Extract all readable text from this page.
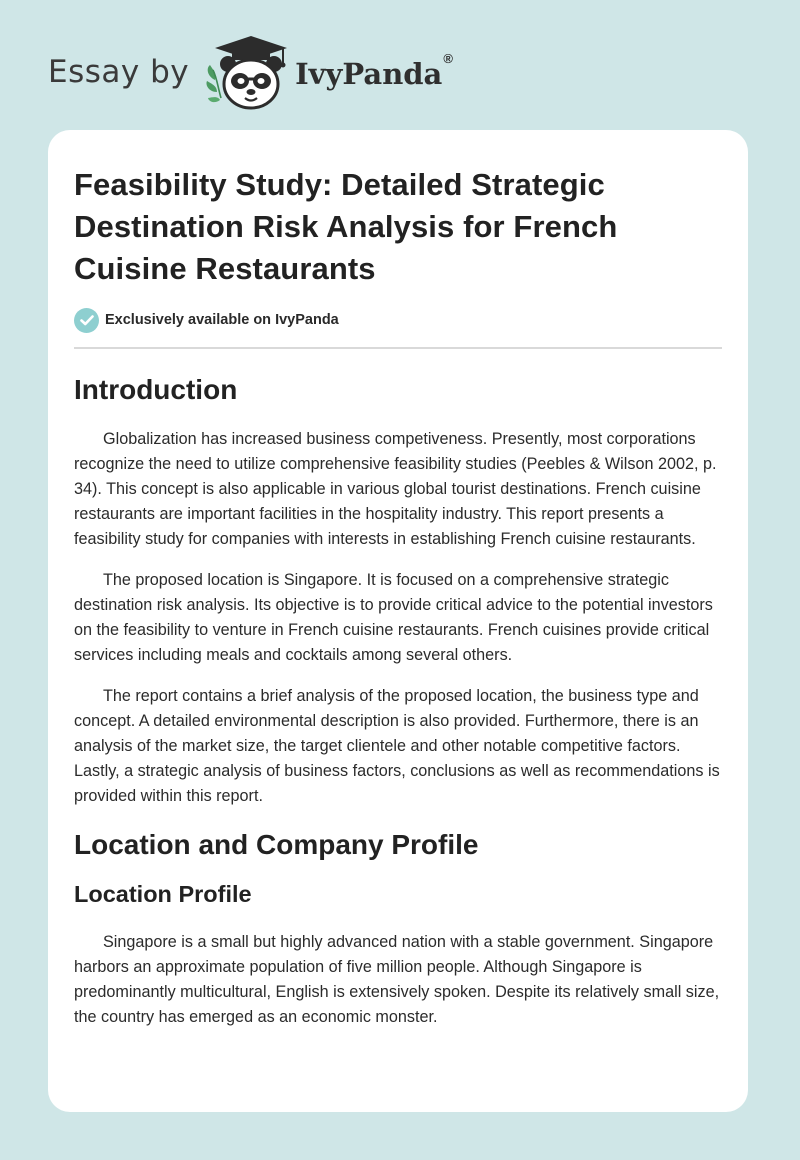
Essay by	IvyPanda ®
Feasibility Study: Detailed Strategic Destination Risk Analysis for French Cuisine Restaurants
Exclusively available on IvyPanda
Introduction

Globalization has increased business competiveness. Presently, most corporations recognize the need to utilize comprehensive feasibility studies (Peebles & Wilson 2002, p. 34). This concept is also applicable in various global tourist destinations. French cuisine restaurants are important facilities in the hospitality industry. This report presents a feasibility study for companies with interests in establishing French cuisine restaurants.

The proposed location is Singapore. It is focused on a comprehensive strategic destination risk analysis. Its objective is to provide critical advice to the potential investors on the feasibility to venture in French cuisine restaurants. French cuisines provide critical services including meals and cocktails among several others.

The report contains a brief analysis of the proposed location, the business type and concept. A detailed environmental description is also provided. Furthermore, there is an analysis of the market size, the target clientele and other notable competitive factors. Lastly, a strategic analysis of business factors, conclusions as well as recommendations is provided within this report.

Location and Company Profile
Location Profile

Singapore is a small but highly advanced nation with a stable government. Singapore harbors an approximate population of five million people. Although Singapore is predominantly multicultural, English is extensively spoken. Despite its relatively small size, the country has emerged as an economic monster.
